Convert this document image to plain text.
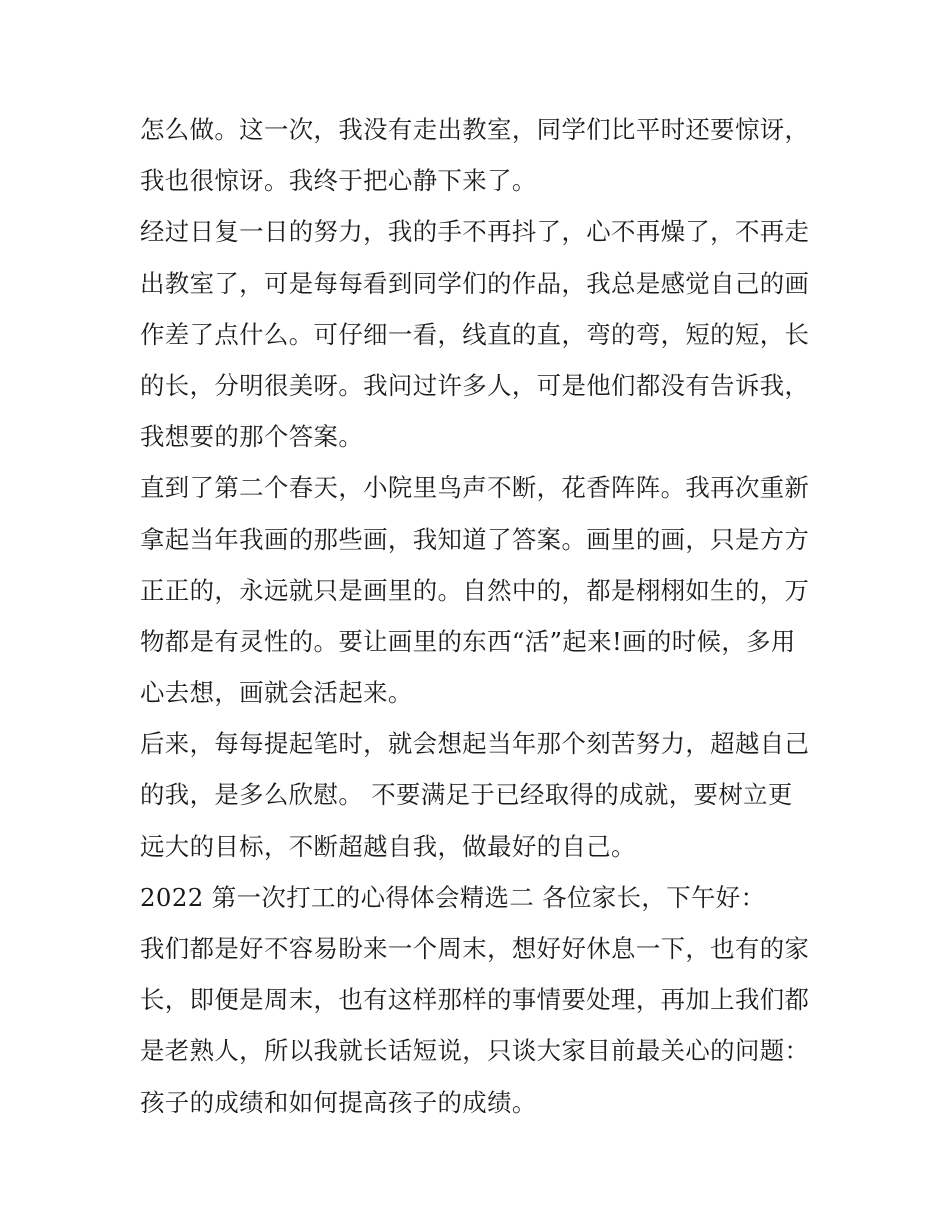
怎么做。这一次，我没有走出教室，同学们比平时还要惊讶，
我也很惊讶。我终于把心静下来了。
经过日复一日的努力，我的手不再抖了，心不再燥了，不再走
出教室了，可是每每看到同学们的作品，我总是感觉自己的画
作差了点什么。可仔细一看，线直的直，弯的弯，短的短，长
的长，分明很美呀。我问过许多人，可是他们都没有告诉我，
我想要的那个答案。
直到了第二个春天，小院里鸟声不断，花香阵阵。我再次重新
拿起当年我画的那些画，我知道了答案。画里的画，只是方方
正正的，永远就只是画里的。自然中的，都是栩栩如生的，万
物都是有灵性的。要让画里的东西“活”起来!画的时候，多用
心去想，画就会活起来。
后来，每每提起笔时，就会想起当年那个刻苦努力，超越自己
的我，是多么欣慰。 不要满足于已经取得的成就，要树立更
远大的目标，不断超越自我，做最好的自己。
2022 第一次打工的心得体会精选二 各位家长，下午好：
我们都是好不容易盼来一个周末，想好好休息一下，也有的家
长，即便是周末，也有这样那样的事情要处理，再加上我们都
是老熟人，所以我就长话短说，只谈大家目前最关心的问题：
孩子的成绩和如何提高孩子的成绩。
